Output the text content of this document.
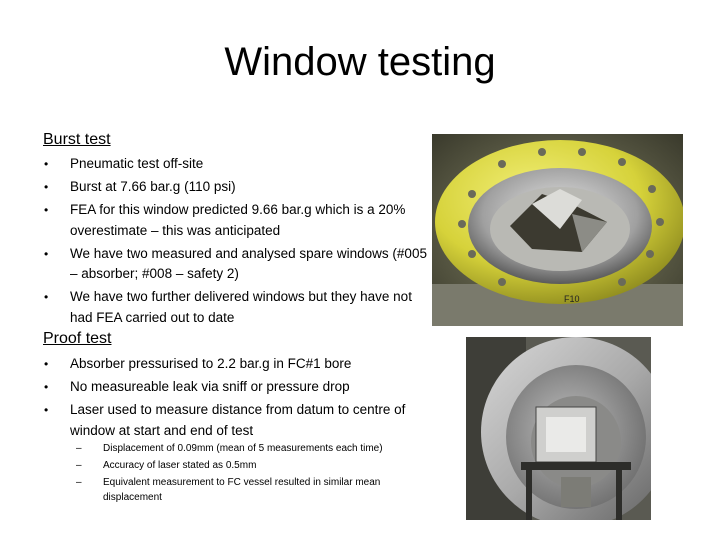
Window testing
Burst test
• Pneumatic test off-site
• Burst at 7.66 bar.g (110 psi)
• FEA for this window predicted 9.66 bar.g which is a 20% overestimate – this was anticipated
• We have two measured and analysed spare windows (#005 – absorber; #008 – safety 2)
• We have two further delivered windows but they have not had FEA carried out to date
Proof test
• Absorber pressurised to 2.2 bar.g in FC#1 bore
• No measureable leak via sniff or pressure drop
• Laser used to measure distance from datum to centre of window at start and end of test
– Displacement of 0.09mm (mean of 5 measurements each time)
– Accuracy of laser stated as 0.5mm
– Equivalent measurement to FC vessel resulted in similar mean displacement
F10
